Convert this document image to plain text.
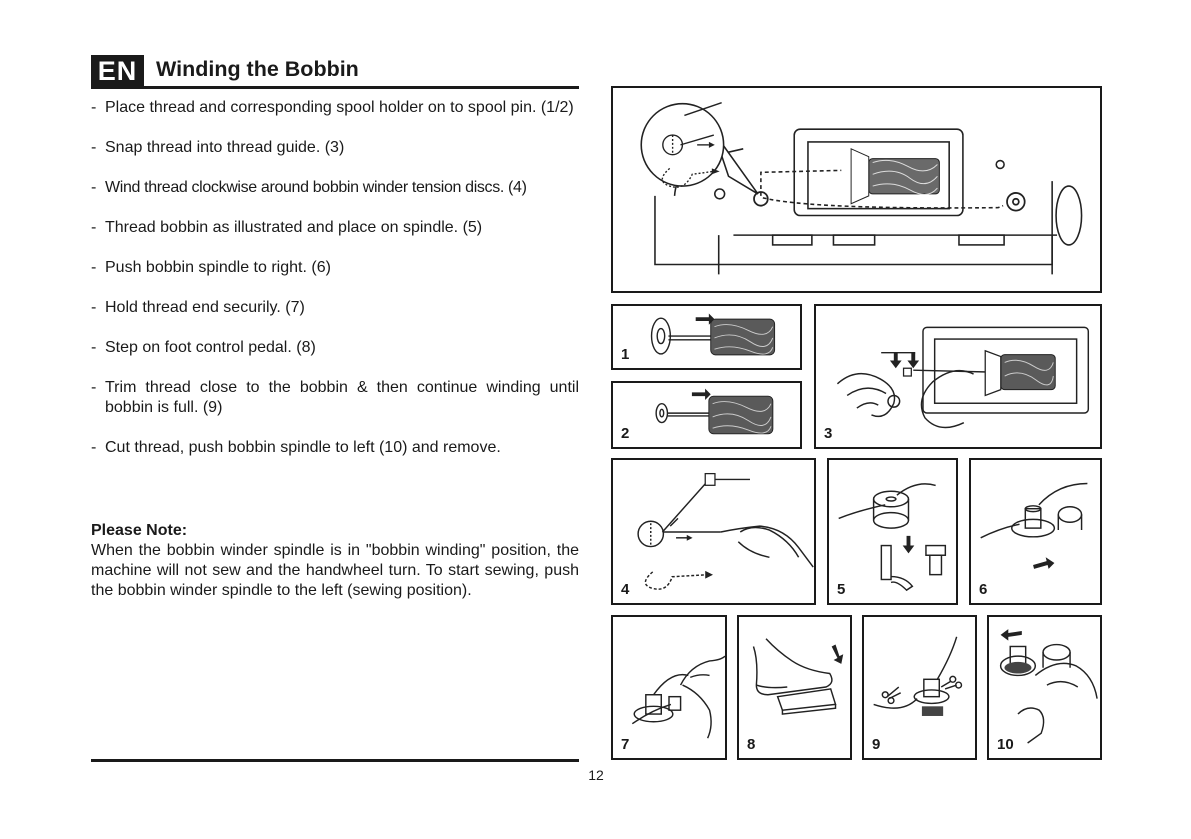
EN Winding the Bobbin
- Place thread and corresponding spool holder on to spool pin. (1/2)
- Snap thread into thread guide. (3)
- Wind thread clockwise around bobbin winder tension discs. (4)
- Thread bobbin as illustrated and place on spindle. (5)
- Push bobbin spindle to right. (6)
- Hold thread end securily. (7)
- Step on foot control pedal. (8)
- Trim thread close to the bobbin & then continue winding until bobbin is full. (9)
- Cut thread, push bobbin spindle to left (10) and remove.
Please Note:
When the bobbin winder spindle is in "bobbin winding" position, the machine will not sew and the handwheel turn. To start sewing, push the bobbin winder spindle to the left (sewing position).
12
1
2	3
4	5	6
7	8	9	10
